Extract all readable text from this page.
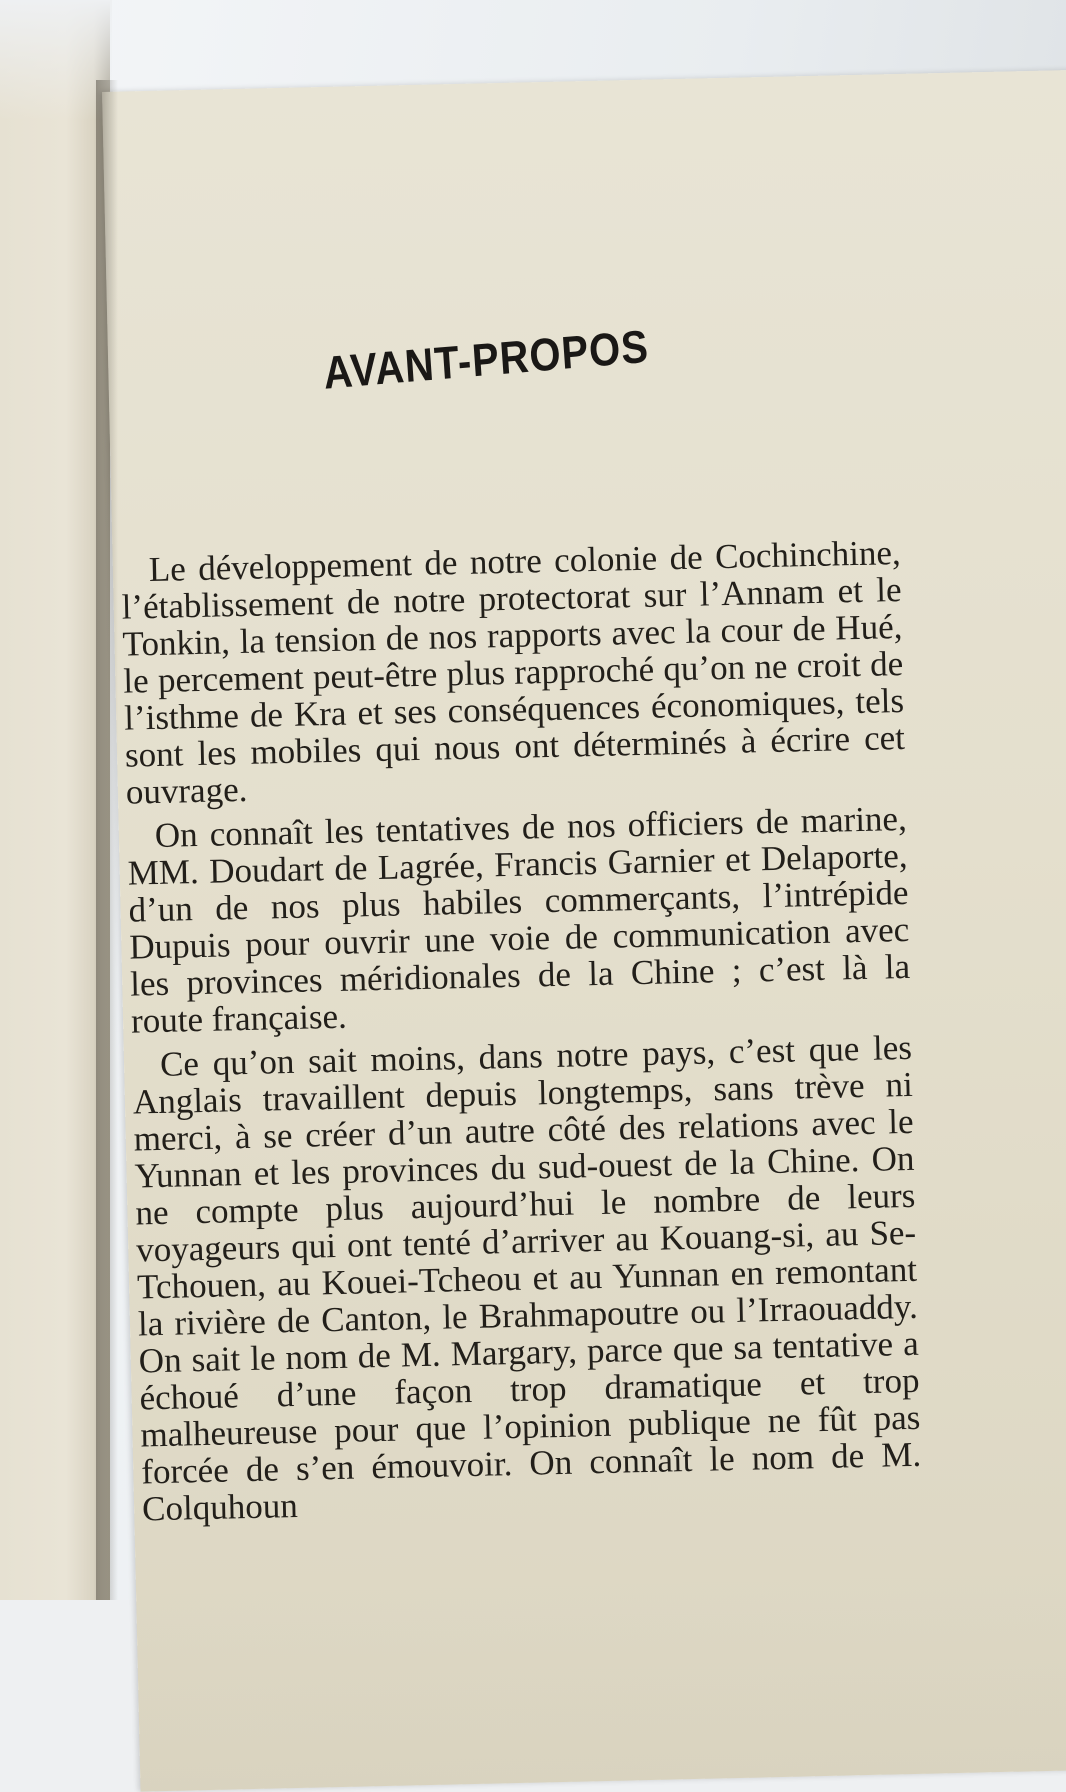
AVANT-PROPOS

Le développement de notre colonie de Cochinchine, l’établissement de notre protectorat sur l’Annam et le Tonkin, la tension de nos rapports avec la cour de Hué, le percement peut-être plus rapproché qu’on ne croit de l’isthme de Kra et ses conséquences économiques, tels sont les mobiles qui nous ont déterminés à écrire cet ouvrage.

On connaît les tentatives de nos officiers de marine, MM. Doudart de Lagrée, Francis Garnier et Delaporte, d’un de nos plus habiles commerçants, l’intrépide Dupuis pour ouvrir une voie de communication avec les provinces méridionales de la Chine ; c’est là la route française.

Ce qu’on sait moins, dans notre pays, c’est que les Anglais travaillent depuis longtemps, sans trève ni merci, à se créer d’un autre côté des relations avec le Yunnan et les provinces du sud-ouest de la Chine. On ne compte plus aujourd’hui le nombre de leurs voyageurs qui ont tenté d’arriver au Kouang-si, au Se-Tchouen, au Kouei-Tcheou et au Yunnan en remontant la rivière de Canton, le Brahmapoutre ou l’Irraouaddy. On sait le nom de M. Margary, parce que sa tentative a échoué d’une façon trop dramatique et trop malheureuse pour que l’opinion publique ne fût pas forcée de s’en émouvoir. On connaît le nom de M. Colquhoun
